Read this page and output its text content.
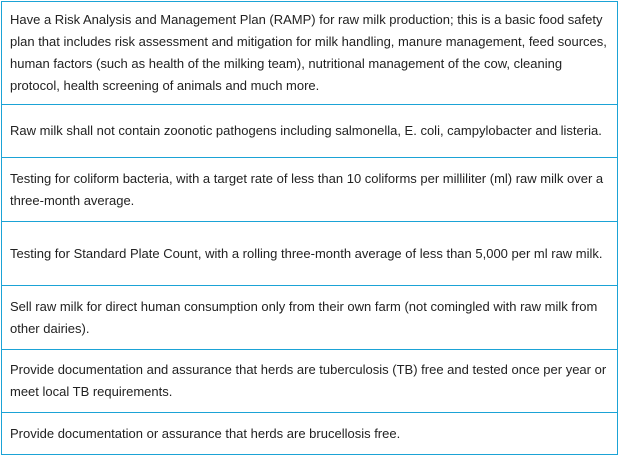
Have a Risk Analysis and Management Plan (RAMP) for raw milk production; this is a basic food safety plan that includes risk assessment and mitigation for milk handling, manure management, feed sources, human factors (such as health of the milking team), nutritional management of the cow, cleaning protocol, health screening of animals and much more.
Raw milk shall not contain zoonotic pathogens including salmonella, E. coli, campylobacter and listeria.
Testing for coliform bacteria, with a target rate of less than 10 coliforms per milliliter (ml) raw milk over a three-month average.
Testing for Standard Plate Count, with a rolling three-month average of less than 5,000 per ml raw milk.
Sell raw milk for direct human consumption only from their own farm (not comingled with raw milk from other dairies).
Provide documentation and assurance that herds are tuberculosis (TB) free and tested once per year or meet local TB requirements.
Provide documentation or assurance that herds are brucellosis free.
